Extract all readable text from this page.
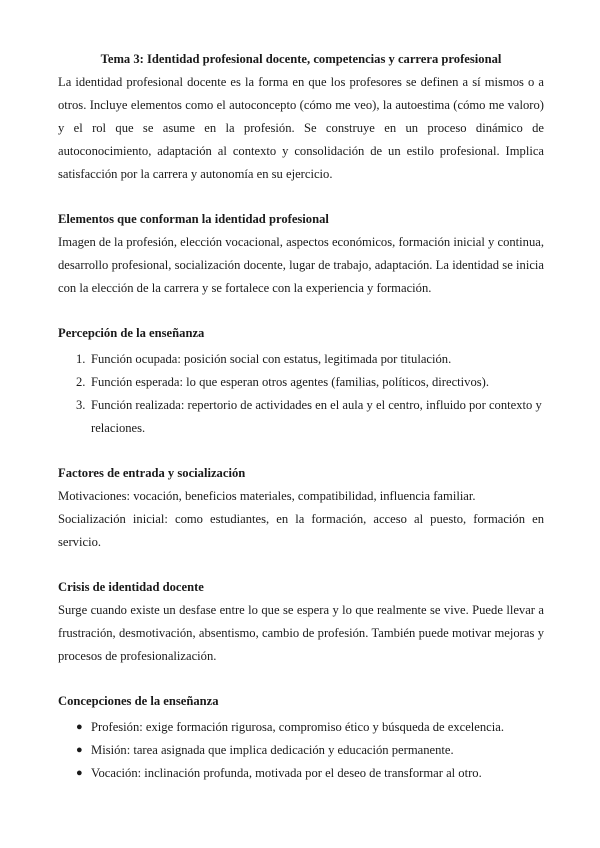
Tema 3: Identidad profesional docente, competencias y carrera profesional

La identidad profesional docente es la forma en que los profesores se definen a sí mismos o a otros. Incluye elementos como el autoconcepto (cómo me veo), la autoestima (cómo me valoro) y el rol que se asume en la profesión. Se construye en un proceso dinámico de autoconocimiento, adaptación al contexto y consolidación de un estilo profesional. Implica satisfacción por la carrera y autonomía en su ejercicio.

Elementos que conforman la identidad profesional

Imagen de la profesión, elección vocacional, aspectos económicos, formación inicial y continua, desarrollo profesional, socialización docente, lugar de trabajo, adaptación. La identidad se inicia con la elección de la carrera y se fortalece con la experiencia y formación.

Percepción de la enseñanza

1. Función ocupada: posición social con estatus, legitimada por titulación.
2. Función esperada: lo que esperan otros agentes (familias, políticos, directivos).
3. Función realizada: repertorio de actividades en el aula y el centro, influido por contexto y relaciones.

Factores de entrada y socialización

Motivaciones: vocación, beneficios materiales, compatibilidad, influencia familiar.

Socialización inicial: como estudiantes, en la formación, acceso al puesto, formación en servicio.

Crisis de identidad docente

Surge cuando existe un desfase entre lo que se espera y lo que realmente se vive. Puede llevar a frustración, desmotivación, absentismo, cambio de profesión. También puede motivar mejoras y procesos de profesionalización.

Concepciones de la enseñanza

● Profesión: exige formación rigurosa, compromiso ético y búsqueda de excelencia.
● Misión: tarea asignada que implica dedicación y educación permanente.
● Vocación: inclinación profunda, motivada por el deseo de transformar al otro.
